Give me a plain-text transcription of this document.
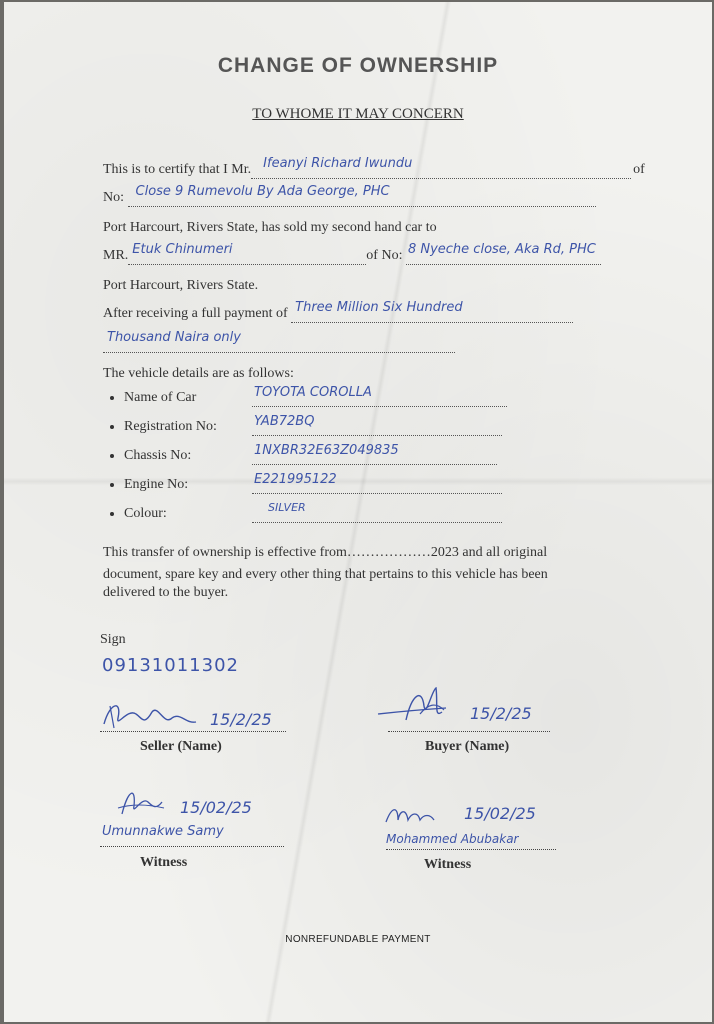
CHANGE OF OWNERSHIP
TO WHOME IT MAY CONCERN
This is to certify that I Mr. Ifeanyi Richard Iwundu	of
No: Close 9 Rumevolu By Ada George, PHC

Port Harcourt, Rivers State, has sold my second hand car to
MR. Etuk Chinumeri	of No: 8 Nyeche close, Aka Rd, PHC

Port Harcourt, Rivers State.
After receiving a full payment of Three Million Six Hundred

Thousand Naira only

The vehicle details are as follows:
• Name of Car	TOYOTA COROLLA

• Registration No:	YAB72BQ

• Chassis No:	1NXBR32E63Z049835

• Engine No:	E221995122

• Colour:	SILVER

This transfer of ownership is effective from………………2023 and all original
document, spare key and every other thing that pertains to this vehicle has been
delivered to the buyer.
Sign
09131011302
15/2/25
Seller (Name)
15/2/25
Buyer (Name)
15/02/25
Umunnakwe Samy
Witness
15/02/25
Mohammed Abubakar
Witness
NONREFUNDABLE PAYMENT
